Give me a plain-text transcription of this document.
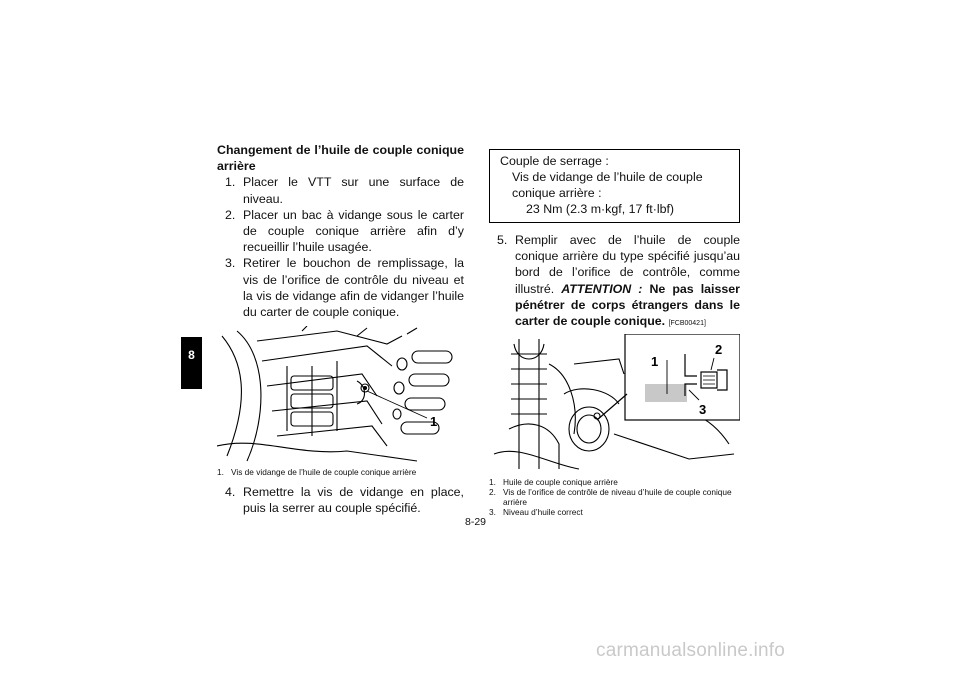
8
Changement de l’huile de couple conique arrière

1. Placer le VTT sur une surface de niveau.

2. Placer un bac à vidange sous le carter de couple conique arrière afin d’y recueillir l’huile usagée.

3. Retirer le bouchon de remplissage, la vis de l’orifice de contrôle du niveau et la vis de vidange afin de vidanger l’huile du carter de couple conique.

1
1. Vis de vidange de l’huile de couple conique arrière

4. Remettre la vis de vidange en place, puis la serrer au couple spécifié.

Couple de serrage :
Vis de vidange de l’huile de couple conique arrière :
23 Nm (2.3 m·kgf, 17 ft·lbf)

5. Remplir avec de l’huile de couple conique arrière du type spécifié jusqu’au bord de l’orifice de contrôle, comme illustré. ATTENTION : Ne pas laisser pénétrer de corps étrangers dans le carter de couple conique. [FCB00421]

1
2
3
1. Huile de couple conique arrière
2. Vis de l’orifice de contrôle de niveau d’huile de couple conique arrière
3. Niveau d’huile correct
8-29
carmanualsonline.info
